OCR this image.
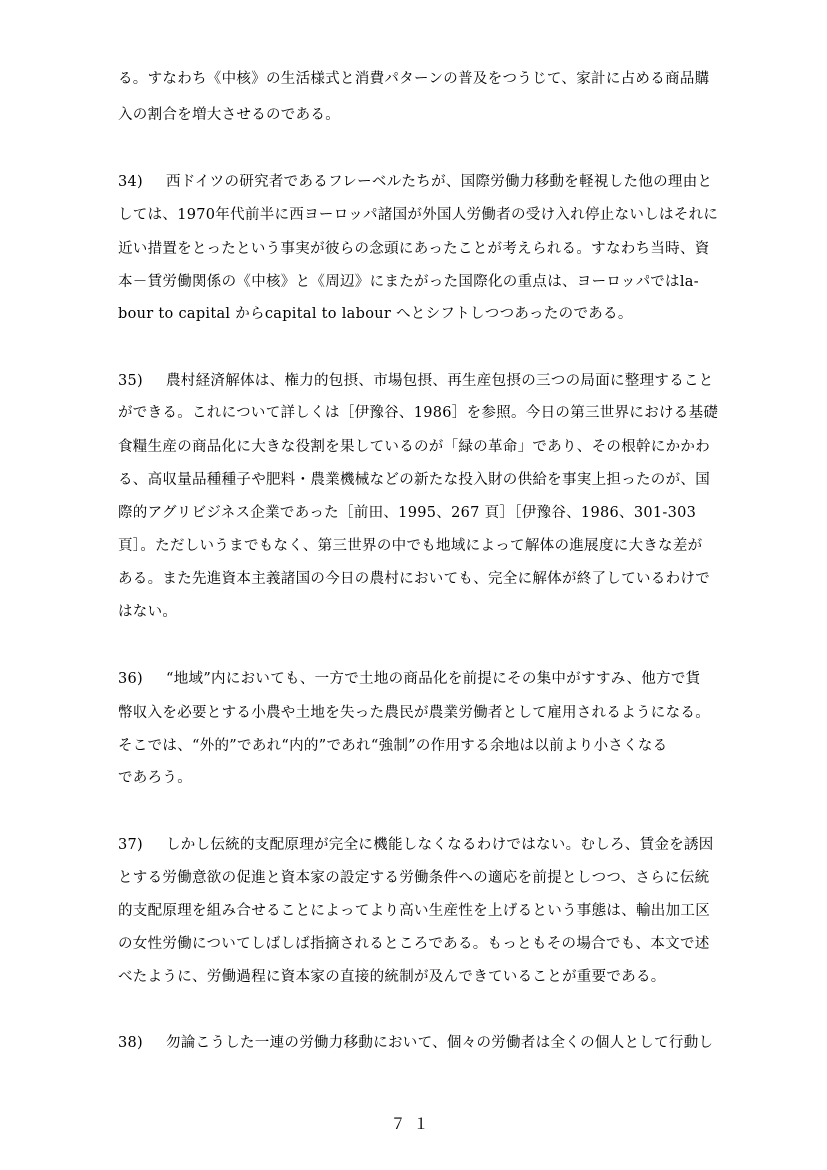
る。すなわち《中核》の生活様式と消費パターンの普及をつうじて、家計に占める商品購
入の割合を増大させるのである。
34) 西ドイツの研究者であるフレーベルたちが、国際労働力移動を軽視した他の理由と
しては、1970年代前半に西ヨーロッパ諸国が外国人労働者の受け入れ停止ないしはそれに
近い措置をとったという事実が彼らの念頭にあったことが考えられる。すなわち当時、資
本－賃労働関係の《中核》と《周辺》にまたがった国際化の重点は、ヨーロッパではla-
bour to capital からcapital to labour へとシフトしつつあったのである。
35) 農村経済解体は、権力的包摂、市場包摂、再生産包摂の三つの局面に整理すること
ができる。これについて詳しくは［伊豫谷、1986］を参照。今日の第三世界における基礎
食糧生産の商品化に大きな役割を果しているのが「緑の革命」であり、その根幹にかかわ
る、高収量品種種子や肥料・農業機械などの新たな投入財の供給を事実上担ったのが、国
際的アグリビジネス企業であった［前田、1995、267 頁］［伊豫谷、1986、301-303
頁］。ただしいうまでもなく、第三世界の中でも地域によって解体の進展度に大きな差が
ある。また先進資本主義諸国の今日の農村においても、完全に解体が終了しているわけで
はない。
36) “地域”内においても、一方で土地の商品化を前提にその集中がすすみ、他方で貨
幣収入を必要とする小農や土地を失った農民が農業労働者として雇用されるようになる。
そこでは、“外的”であれ“内的”であれ“強制”の作用する余地は以前より小さくなる
であろう。
37) しかし伝統的支配原理が完全に機能しなくなるわけではない。むしろ、賃金を誘因
とする労働意欲の促進と資本家の設定する労働条件への適応を前提としつつ、さらに伝統
的支配原理を組み合せることによってより高い生産性を上げるという事態は、輸出加工区
の女性労働についてしばしば指摘されるところである。もっともその場合でも、本文で述
べたように、労働過程に資本家の直接的統制が及んできていることが重要である。
38) 勿論こうした一連の労働力移動において、個々の労働者は全くの個人として行動し
７１
